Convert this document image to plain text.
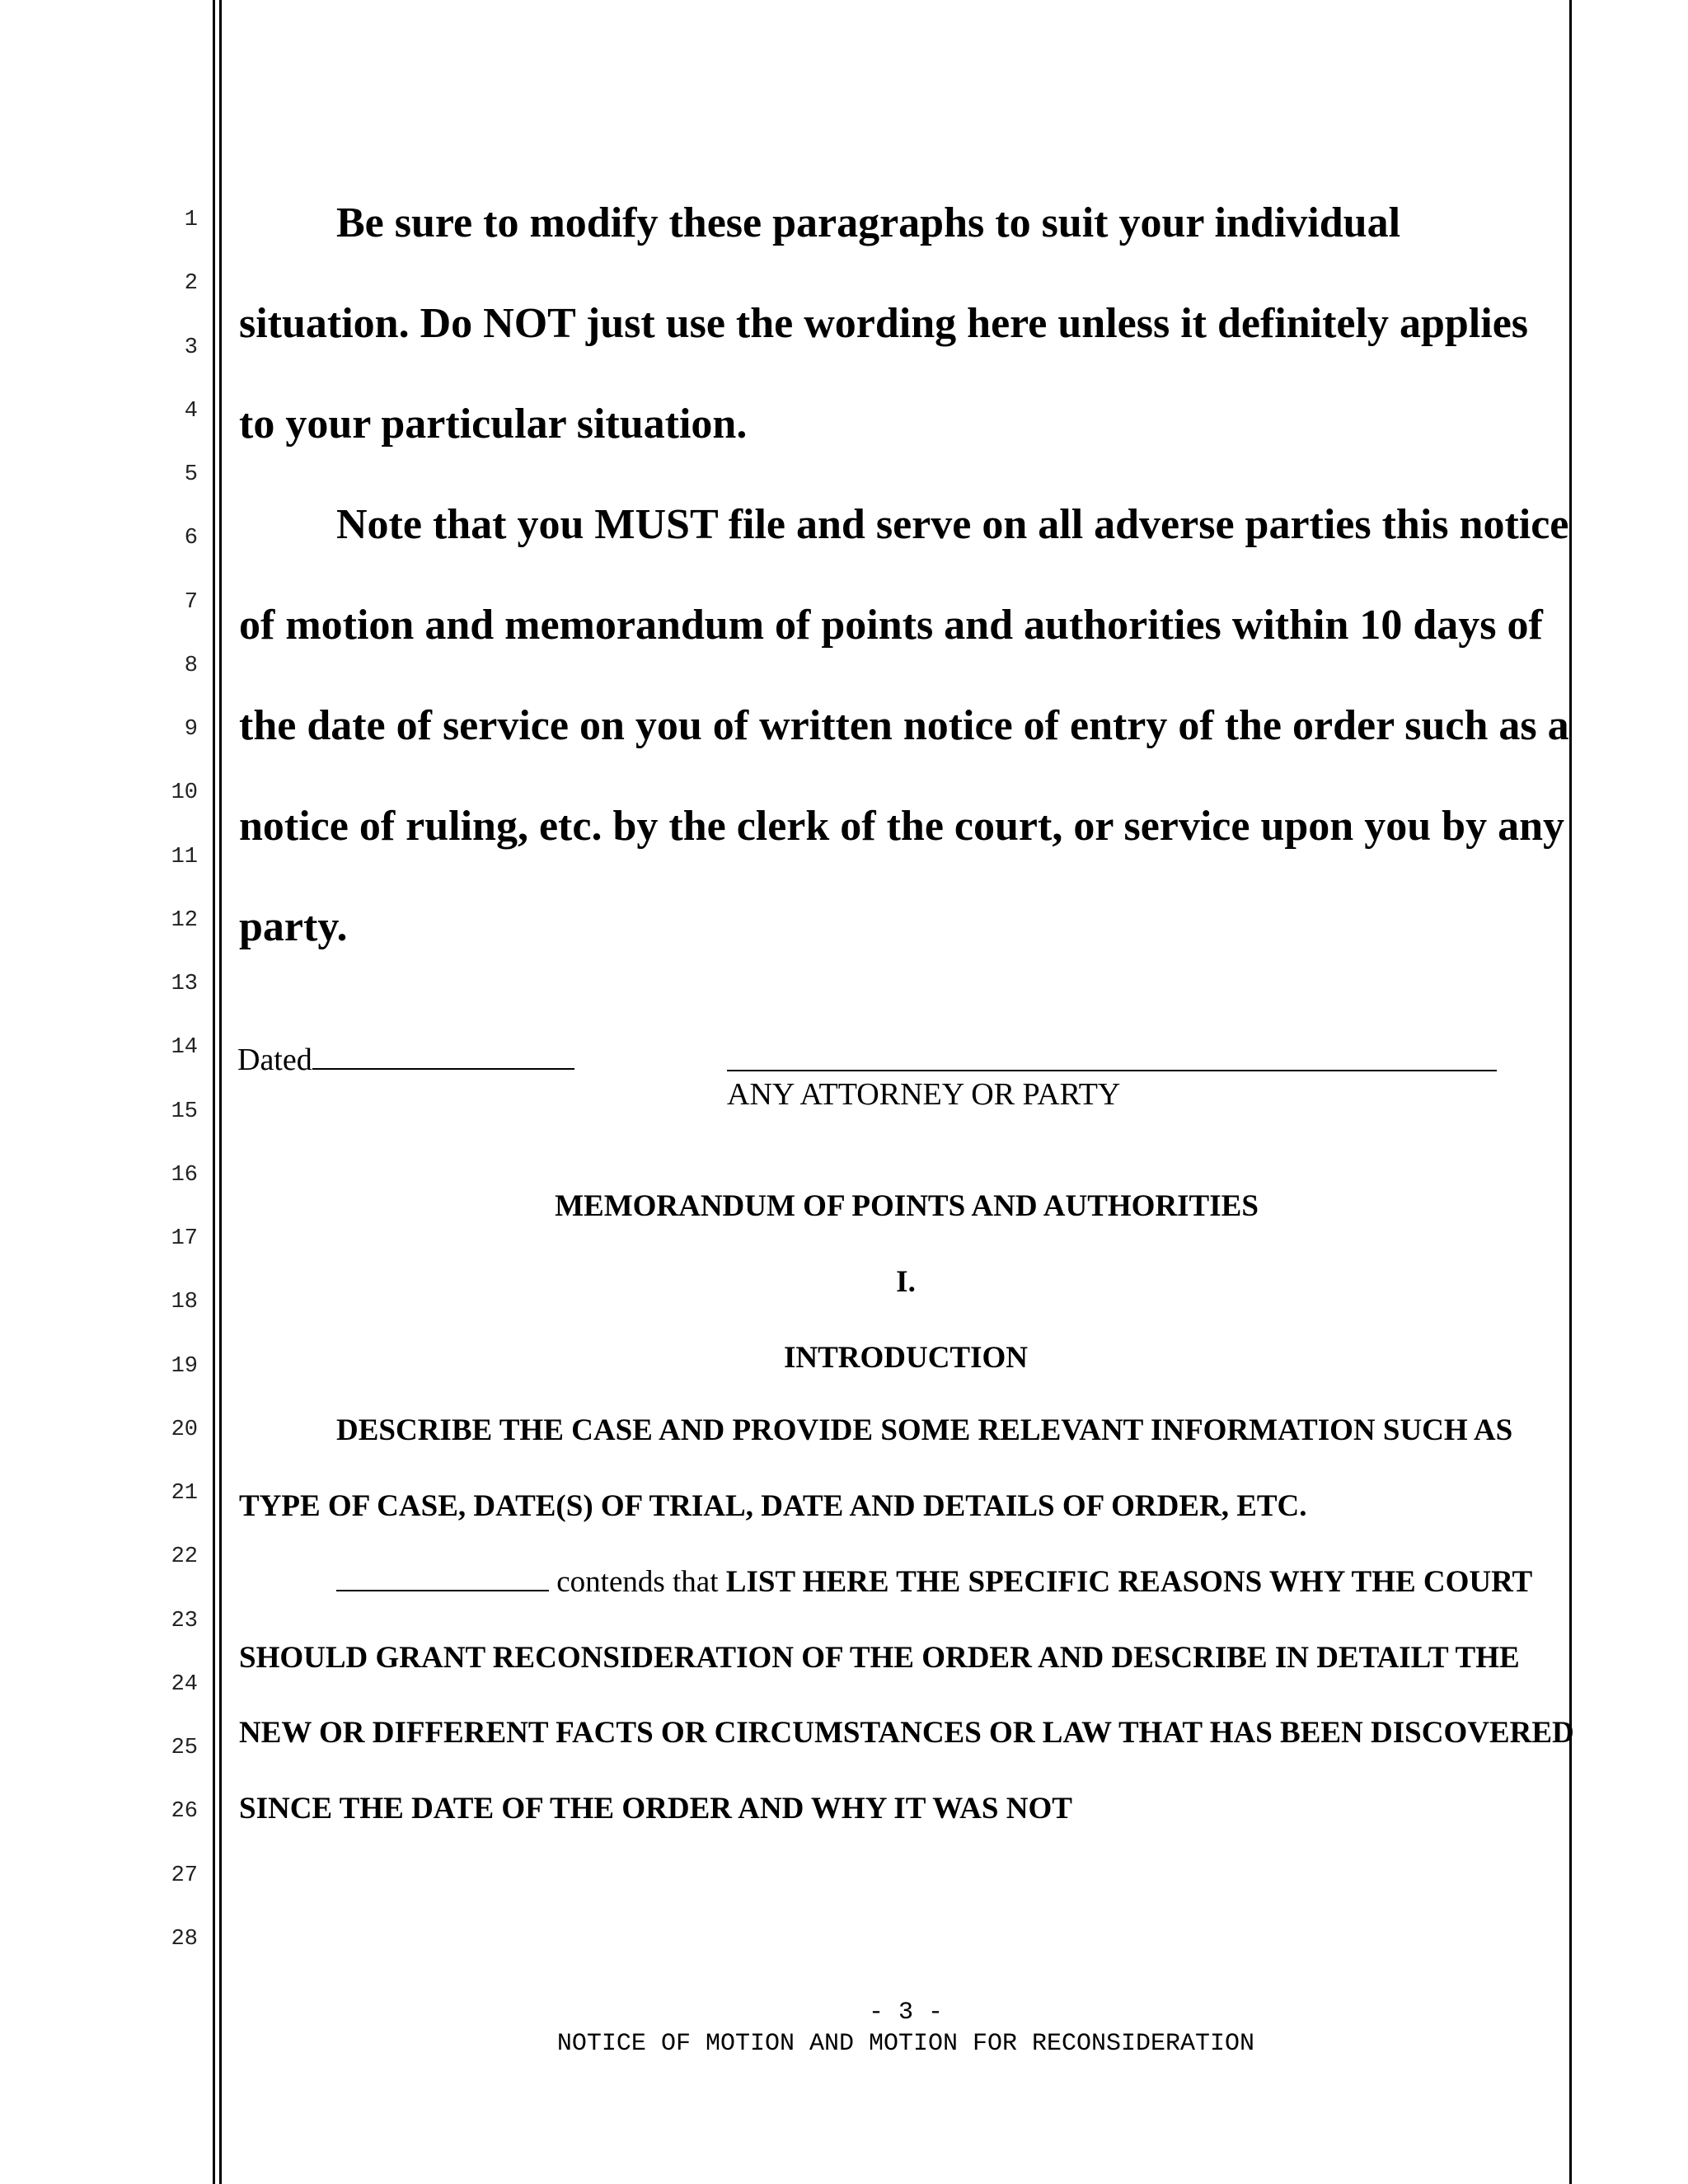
1
2
3
4
5
6
7
8
9
10
11
12
13
14
15
16
17
18
19
20
21
22
23
24
25
26
27
28

Be sure to modify these paragraphs to suit your individual situation. Do NOT just use the wording here unless it definitely applies to your particular situation.

Note that you MUST file and serve on all adverse parties this notice of motion and memorandum of points and authorities within 10 days of the date of service on you of written notice of entry of the order such as a notice of ruling, etc. by the clerk of the court, or service upon you by any party.

Dated
ANY ATTORNEY OR PARTY
MEMORANDUM OF POINTS AND AUTHORITIES
I.
INTRODUCTION

DESCRIBE THE CASE AND PROVIDE SOME RELEVANT INFORMATION SUCH AS TYPE OF CASE, DATE(S) OF TRIAL, DATE AND DETAILS OF ORDER, ETC.

contends that LIST HERE THE SPECIFIC REASONS WHY THE COURT SHOULD GRANT RECONSIDERATION OF THE ORDER AND DESCRIBE IN DETAILT THE NEW OR DIFFERENT FACTS OR CIRCUMSTANCES OR LAW THAT HAS BEEN DISCOVERED SINCE THE DATE OF THE ORDER AND WHY IT WAS NOT

- 3 -
NOTICE OF MOTION AND MOTION FOR RECONSIDERATION
